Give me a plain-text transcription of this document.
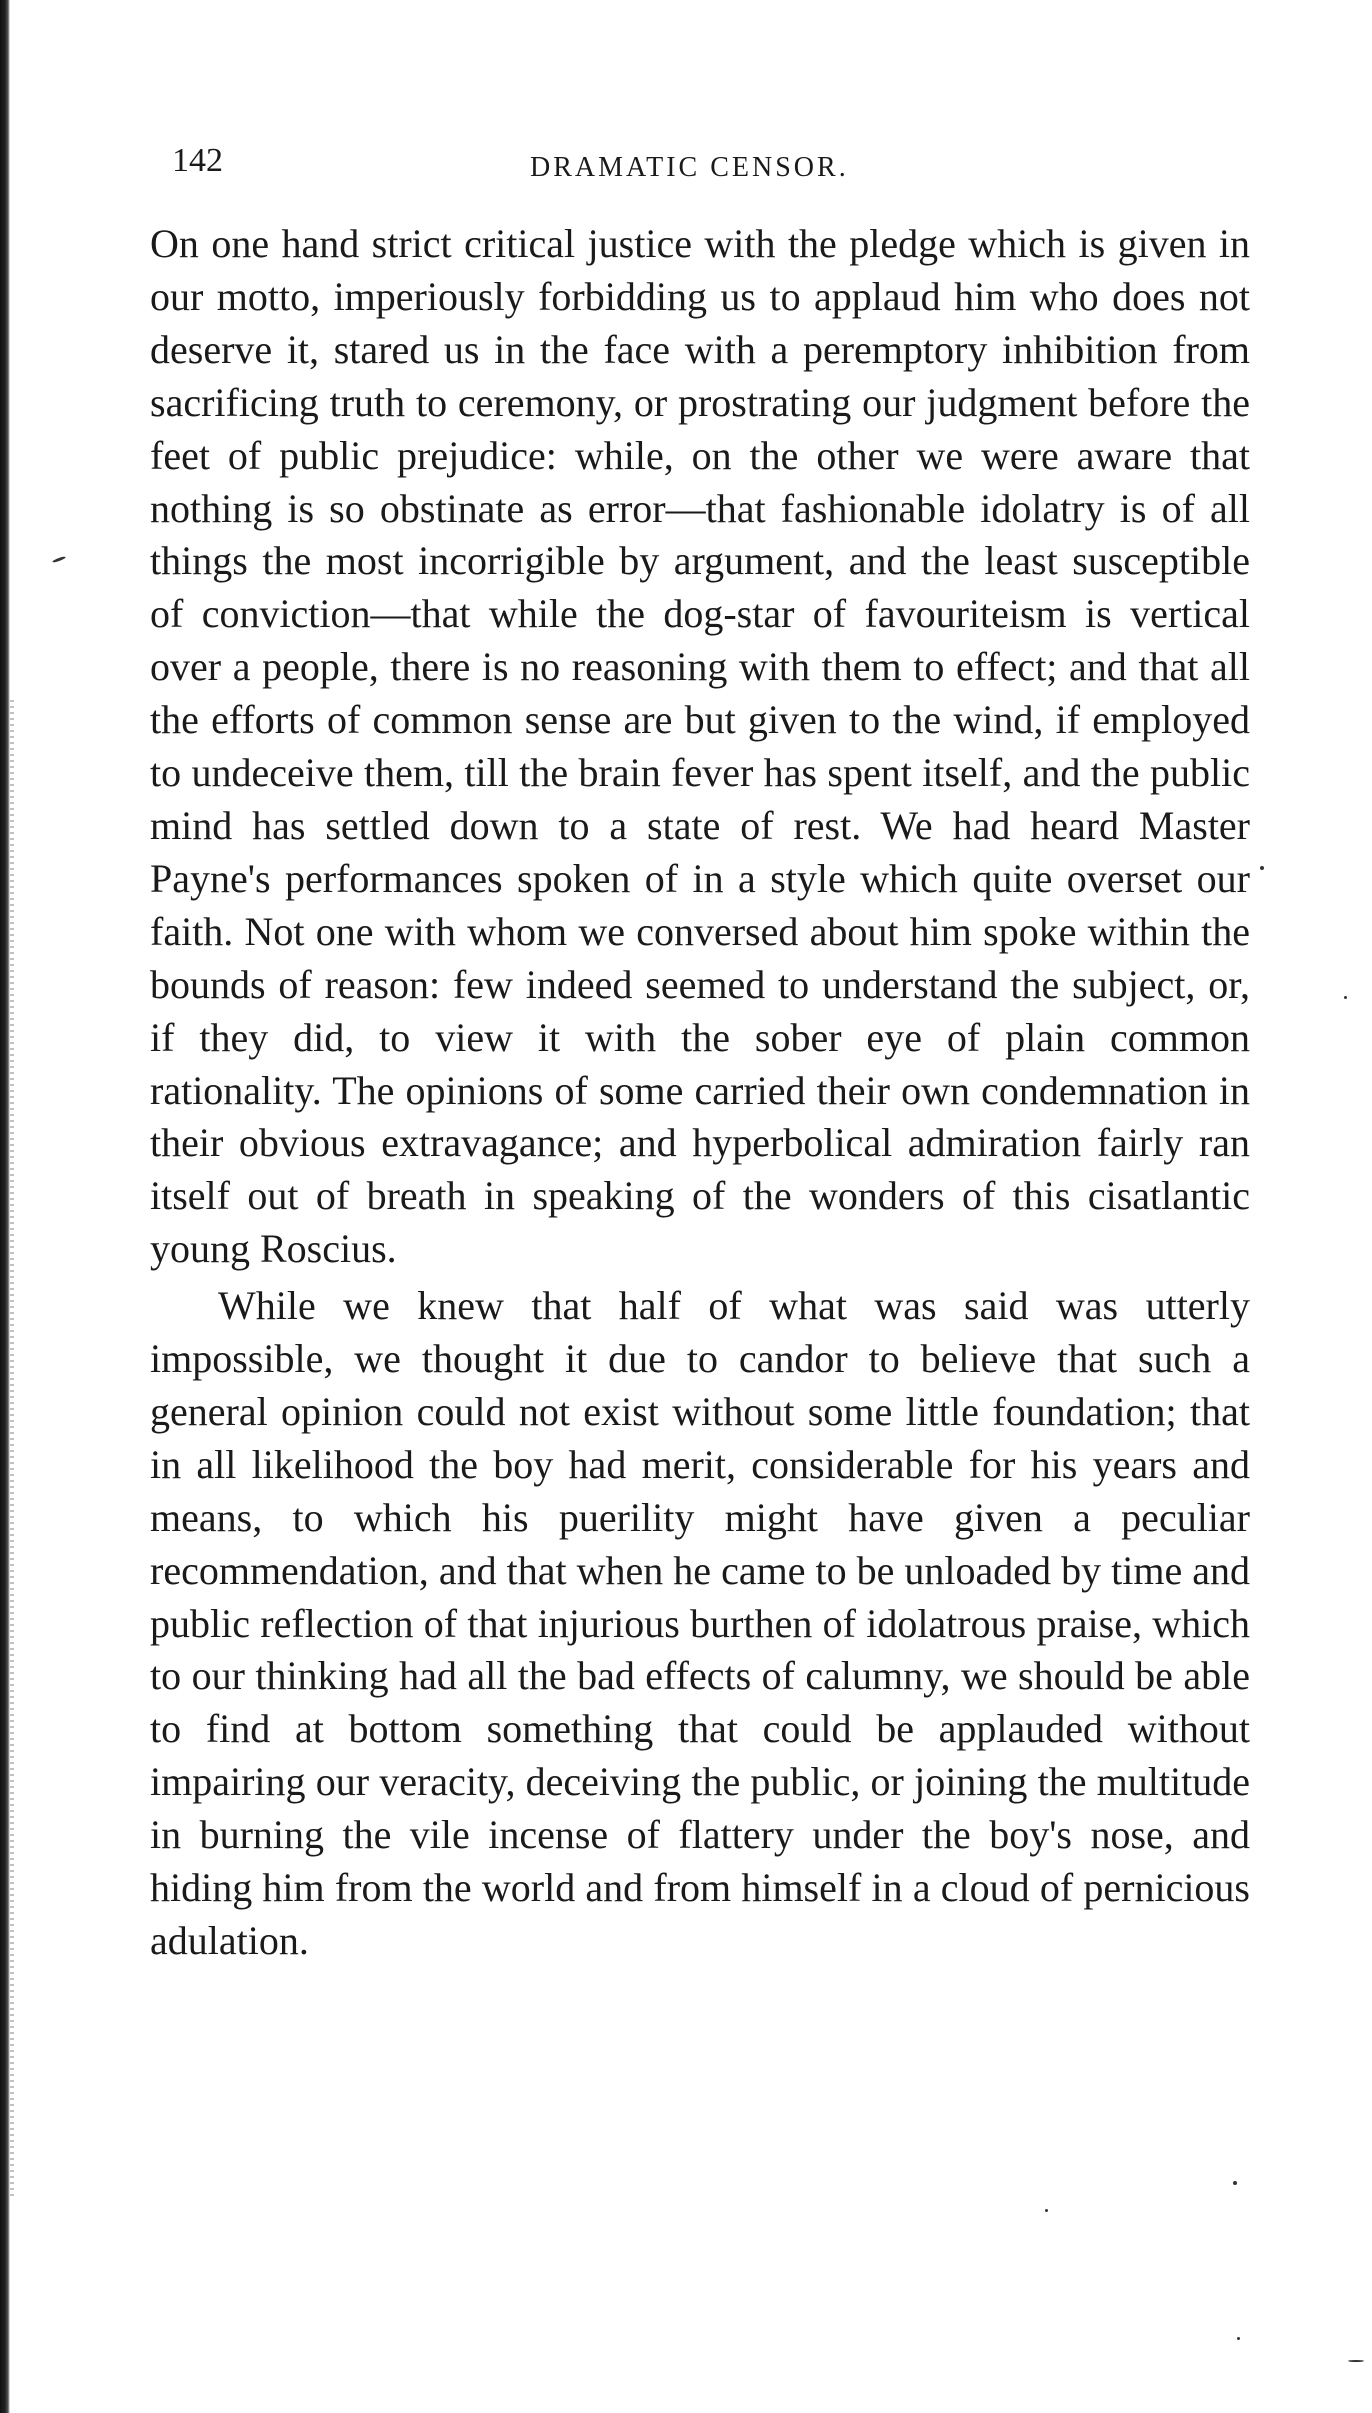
142	DRAMATIC CENSOR.

On one hand strict critical justice with the pledge which is given in our motto, imperiously forbidding us to applaud him who does not deserve it, stared us in the face with a peremptory inhibition from sacrificing truth to ceremony, or prostrating our judgment before the feet of public prejudice: while, on the other we were aware that nothing is so obstinate as error—that fashionable idolatry is of all things the most incorrigible by argument, and the least susceptible of conviction—that while the dog-star of favouriteism is vertical over a people, there is no reasoning with them to effect; and that all the efforts of common sense are but given to the wind, if employed to undeceive them, till the brain fever has spent itself, and the public mind has settled down to a state of rest. We had heard Master Payne's performances spoken of in a style which quite overset our faith. Not one with whom we conversed about him spoke within the bounds of reason: few indeed seemed to understand the subject, or, if they did, to view it with the sober eye of plain common rationality. The opinions of some carried their own condemnation in their obvious extravagance; and hyperbolical admiration fairly ran itself out of breath in speaking of the wonders of this cisatlantic young Roscius.

While we knew that half of what was said was utterly impossible, we thought it due to candor to believe that such a general opinion could not exist without some little foundation; that in all likelihood the boy had merit, considerable for his years and means, to which his puerility might have given a peculiar recommendation, and that when he came to be unloaded by time and public reflection of that injurious burthen of idolatrous praise, which to our thinking had all the bad effects of calumny, we should be able to find at bottom something that could be applauded without impairing our veracity, deceiving the public, or joining the multitude in burning the vile incense of flattery under the boy's nose, and hiding him from the world and from himself in a cloud of pernicious adulation.
